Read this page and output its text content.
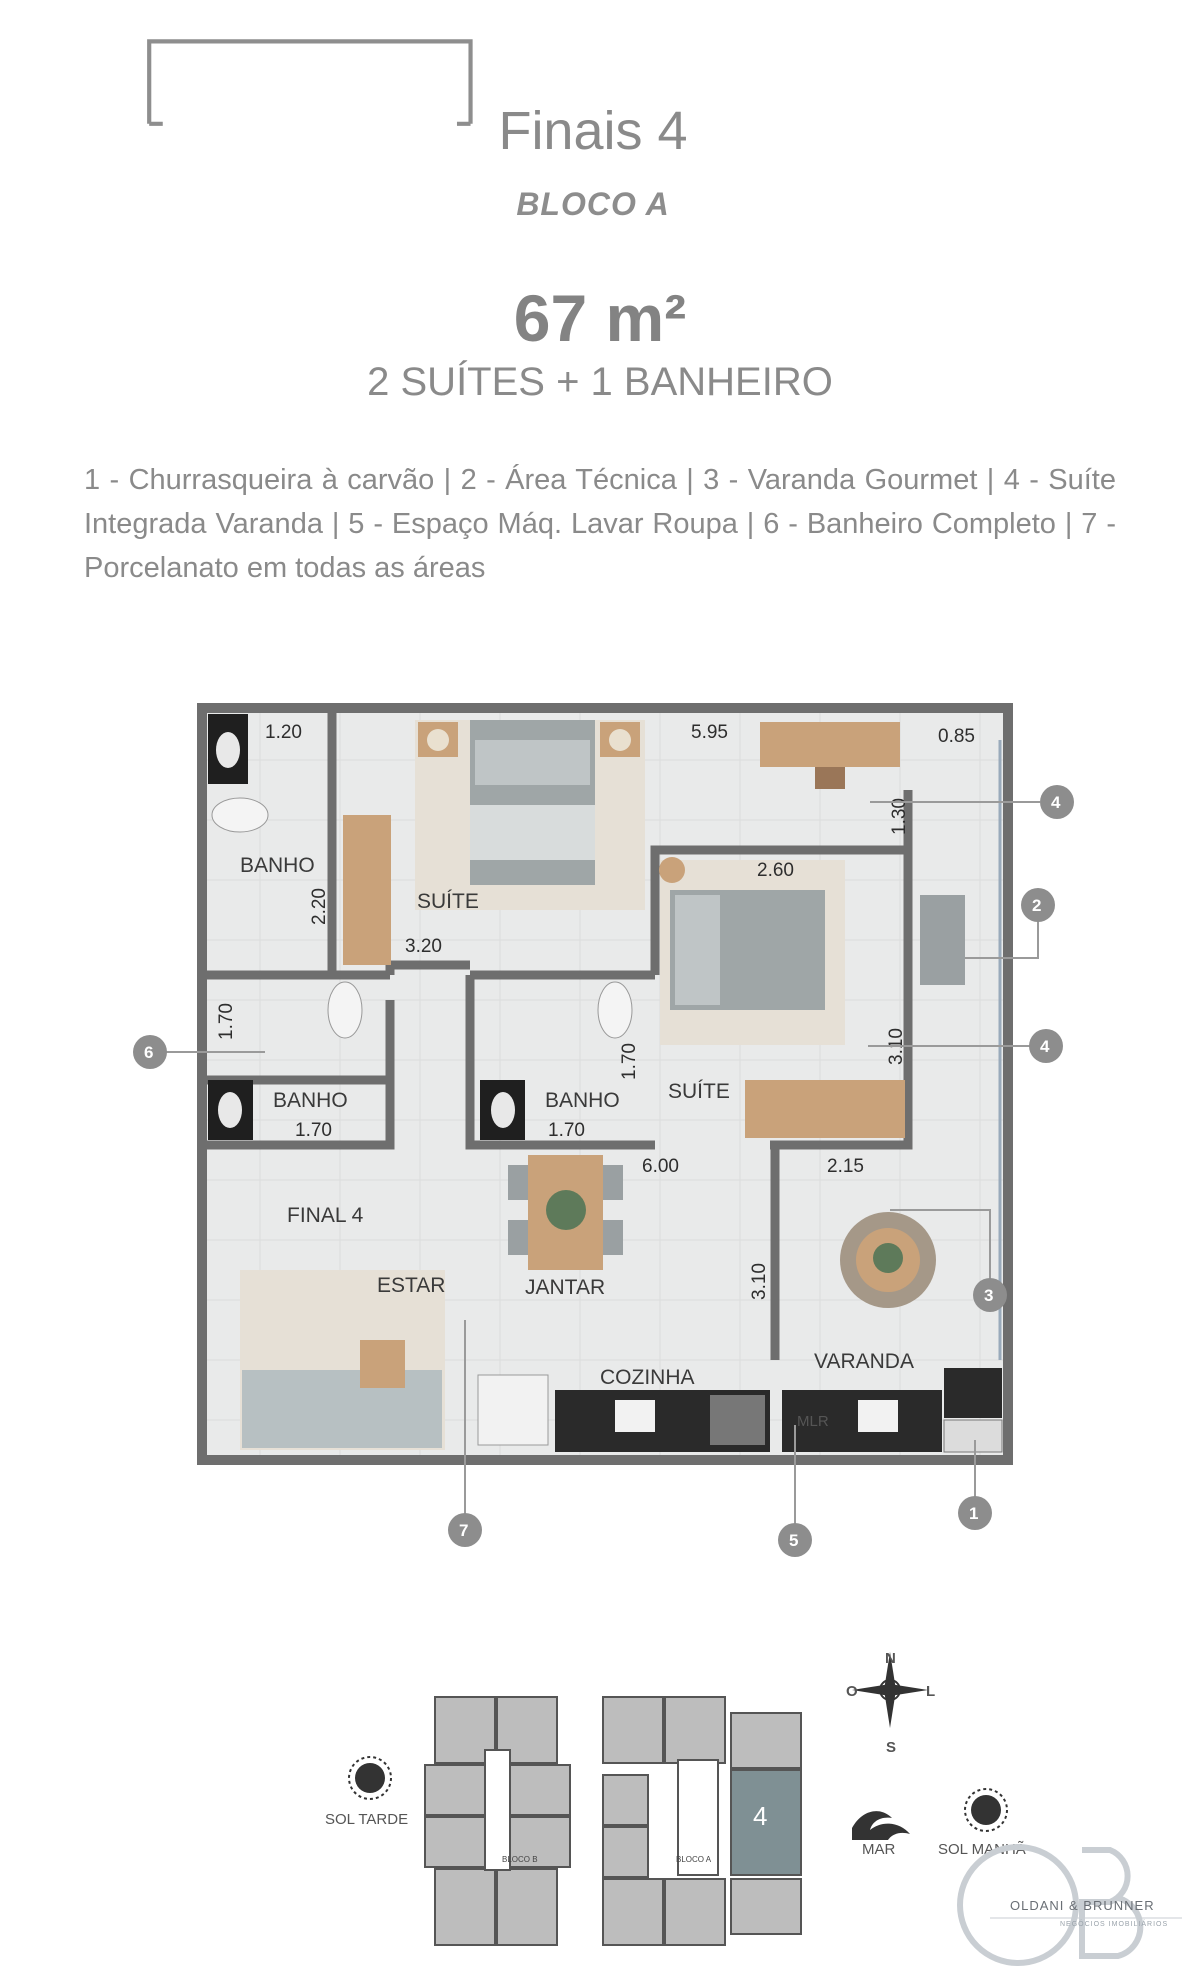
Finais 4
BLOCO A
67 m²
2 SUÍTES + 1 BANHEIRO
1 - Churrasqueira à carvão | 2 - Área Técnica | 3 - Varanda Gourmet | 4 - Suíte Integrada Varanda | 5 - Espaço Máq. Lavar Roupa | 6 - Banheiro Completo | 7 - Porcelanato em todas as áreas
BANHO
SUÍTE
BANHO	BANHO SUÍTE
FINAL 4
ESTAR	JANTAR
COZINHA
VARANDA
MLR
1.20	5.95	0.85
1.30
2.60
2.20
3.20
1.70
1.70
3.10
1.70
1.70
6.00	2.15
3.10
4
2
4
6
3
1
7
5
BLOCO B
4
BLOCO A
N
S
O	L
SOL TARDE
SOL MANHÃ
MAR
OLDANI & BRUNNER
NEGÓCIOS IMOBILIÁRIOS
